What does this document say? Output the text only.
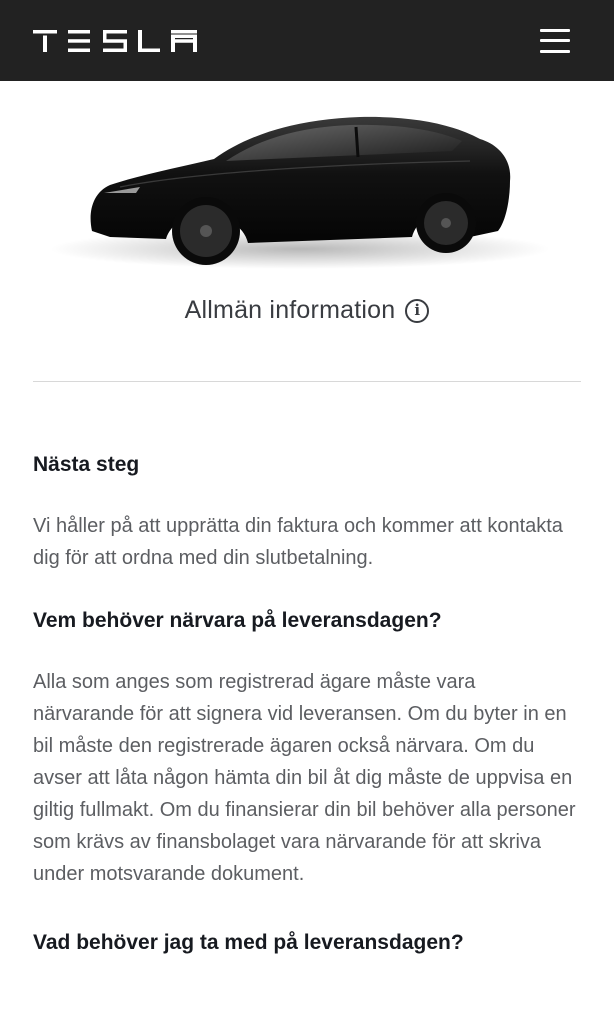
Allmän information	i
Nästa steg

Vi håller på att upprätta din faktura och kommer att kontakta dig för att ordna med din slutbetalning.

Vem behöver närvara på leveransdagen?

Alla som anges som registrerad ägare måste vara närvarande för att signera vid leveransen. Om du byter in en bil måste den registrerade ägaren också närvara. Om du avser att låta någon hämta din bil åt dig måste de uppvisa en giltig fullmakt. Om du finansierar din bil behöver alla personer som krävs av finansbolaget vara närvarande för att skriva under motsvarande dokument.

Vad behöver jag ta med på leveransdagen?
